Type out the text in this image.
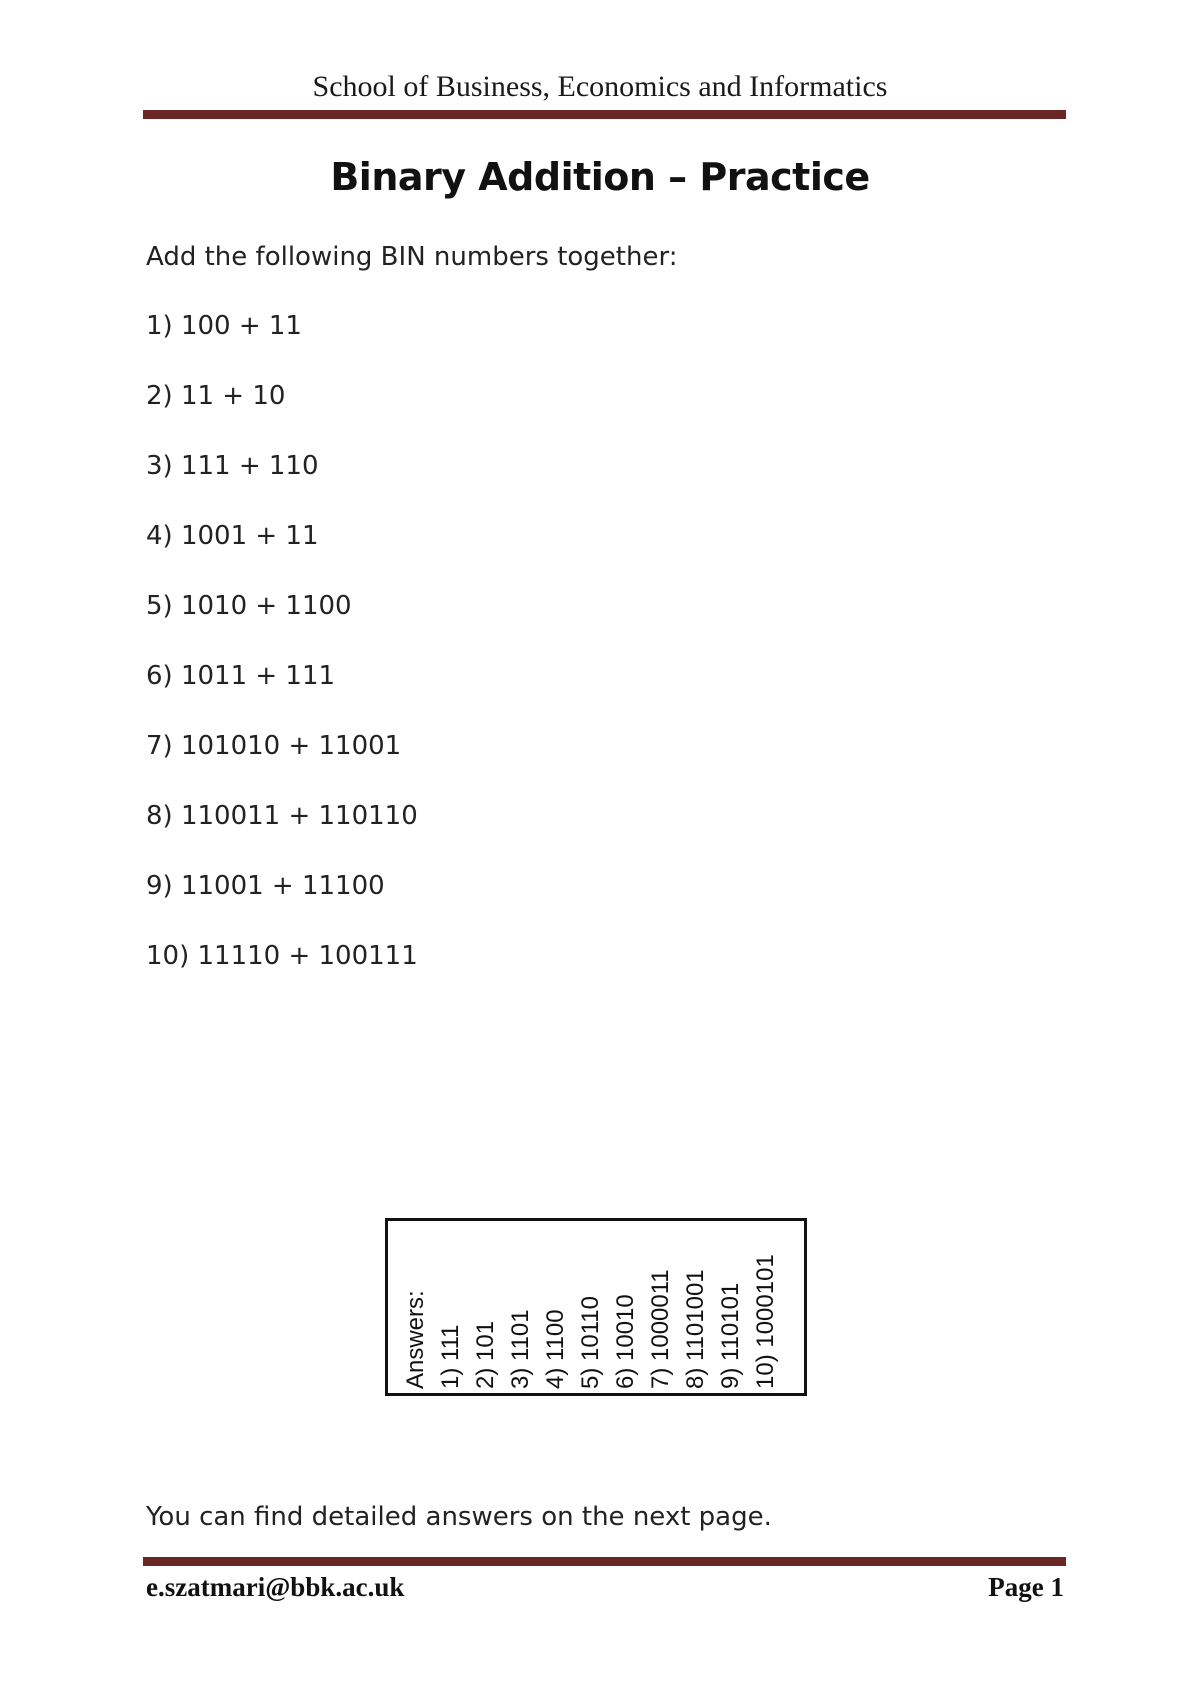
School of Business, Economics and Informatics
Binary Addition – Practice
Add the following BIN numbers together:
1) 100 + 11
2) 11 + 10
3) 111 + 110
4) 1001 + 11
5) 1010 + 1100
6) 1011 + 111
7) 101010 + 11001
8) 110011 + 110110
9) 11001 + 11100
10) 11110 + 100111
Answers: 1) 111 2) 101 3) 1101 4) 1100 5) 10110 6) 10010 7) 1000011 8) 1101001 9) 110101 10) 1000101
You can find detailed answers on the next page.
e.szatmari@bbk.ac.uk	Page 1
